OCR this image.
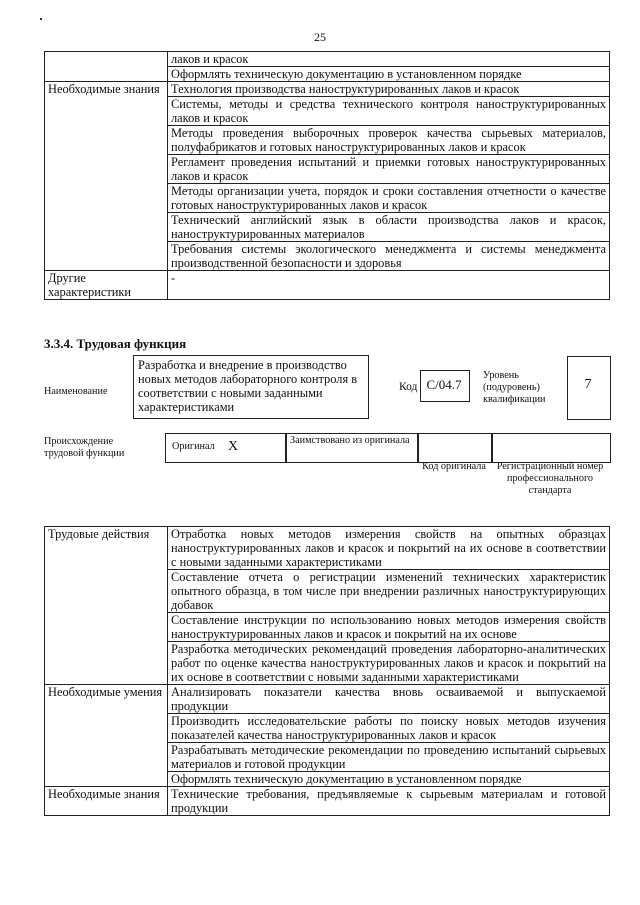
25
	лаков и красок
	Оформлять техническую документацию в установленном порядке
Необходимые знания	Технология производства наноструктурированных лаков и красок
	Системы, методы и средства технического контроля наноструктурированных лаков и красок
	Методы проведения выборочных проверок качества сырьевых материалов, полуфабрикатов и готовых наноструктурированных лаков и красок
	Регламент проведения испытаний и приемки готовых наноструктурированных лаков и красок
	Методы организации учета, порядок и сроки составления отчетности о качестве готовых наноструктурированных лаков и красок
	Технический английский язык в области производства лаков и красок, наноструктурированных материалов
	Требования системы экологического менеджмента и системы менеджмента производственной безопасности и здоровья
Другие характеристики	-
3.3.4. Трудовая функция
Наименование
Разработка и внедрение в производство новых методов лабораторного контроля в соответствии с новыми заданными характеристиками
Код С/04.7
Уровень (подуровень) квалификации
7
Происхождение трудовой функции
Оригинал X	Заимствовано из оригинала
Код оригинала	Регистрационный номер профессионального стандарта
Трудовые действия	Отработка новых методов измерения свойств на опытных образцах наноструктурированных лаков и красок и покрытий на их основе в соответствии с новыми заданными характеристиками
	Составление отчета о регистрации изменений технических характеристик опытного образца, в том числе при внедрении различных наноструктурирующих добавок
	Составление инструкции по использованию новых методов измерения свойств наноструктурированных лаков и красок и покрытий на их основе
	Разработка методических рекомендаций проведения лабораторно-аналитических работ по оценке качества наноструктурированных лаков и красок и покрытий на их основе в соответствии с новыми заданными характеристиками
Необходимые умения	Анализировать показатели качества вновь осваиваемой и выпускаемой продукции
	Производить исследовательские работы по поиску новых методов изучения показателей качества наноструктурированных лаков и красок
	Разрабатывать методические рекомендации по проведению испытаний сырьевых материалов и готовой продукции
	Оформлять техническую документацию в установленном порядке
Необходимые знания	Технические требования, предъявляемые к сырьевым материалам и готовой продукции
